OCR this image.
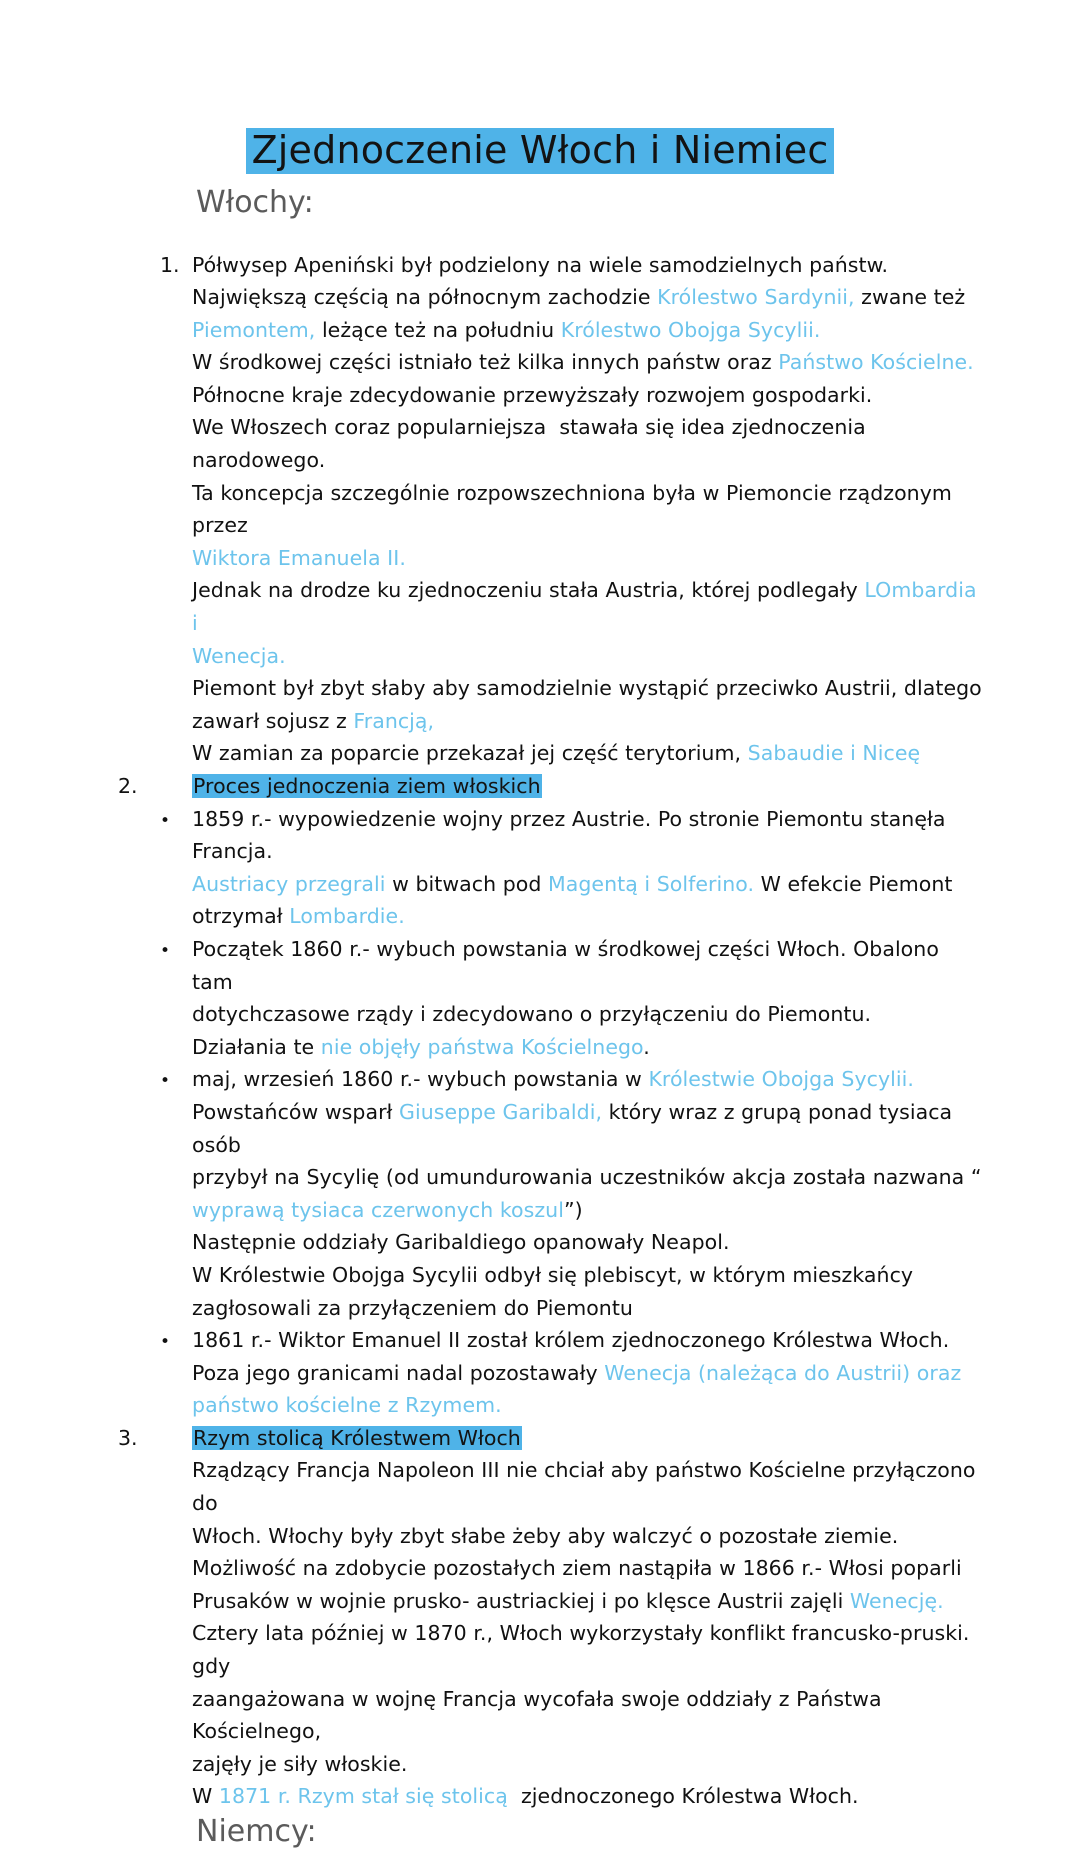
Zjednoczenie Włoch i Niemiec
Włochy:
1. Półwysep Apeniński był podzielony na wiele samodzielnych państw.
Największą częścią na północnym zachodzie Królestwo Sardynii, zwane też
Piemontem, leżące też na południu Królestwo Obojga Sycylii.
W środkowej części istniało też kilka innych państw oraz Państwo Kościelne.
Północne kraje zdecydowanie przewyższały rozwojem gospodarki.
We Włoszech coraz popularniejsza  stawała się idea zjednoczenia narodowego.
Ta koncepcja szczególnie rozpowszechniona była w Piemoncie rządzonym przez
Wiktora Emanuela II.
Jednak na drodze ku zjednoczeniu stała Austria, której podlegały LOmbardia i
Wenecja.
Piemont był zbyt słaby aby samodzielnie wystąpić przeciwko Austrii, dlatego
zawarł sojusz z Francją,
W zamian za poparcie przekazał jej część terytorium, Sabaudie i Niceę
2.	Proces jednoczenia ziem włoskich
•
1859 r.- wypowiedzenie wojny przez Austrie. Po stronie Piemontu stanęła Francja.
Austriacy przegrali w bitwach pod Magentą i Solferino. W efekcie Piemont
otrzymał Lombardie.
•
Początek 1860 r.- wybuch powstania w środkowej części Włoch. Obalono tam
dotychczasowe rządy i zdecydowano o przyłączeniu do Piemontu.
Działania te nie objęły państwa Kościelnego.
•
maj, wrzesień 1860 r.- wybuch powstania w Królestwie Obojga Sycylii.
Powstańców wsparł Giuseppe Garibaldi, który wraz z grupą ponad tysiaca osób
przybył na Sycylię (od umundurowania uczestników akcja została nazwana “
wyprawą tysiaca czerwonych koszul”)
Następnie oddziały Garibaldiego opanowały Neapol.
W Królestwie Obojga Sycylii odbył się plebiscyt, w którym mieszkańcy
zagłosowali za przyłączeniem do Piemontu
•
1861 r.- Wiktor Emanuel II został królem zjednoczonego Królestwa Włoch.
Poza jego granicami nadal pozostawały Wenecja (należąca do Austrii) oraz
państwo kościelne z Rzymem.
3.	Rzym stolicą Królestwem Włoch
Rządzący Francja Napoleon III nie chciał aby państwo Kościelne przyłączono do
Włoch. Włochy były zbyt słabe żeby aby walczyć o pozostałe ziemie.
Możliwość na zdobycie pozostałych ziem nastąpiła w 1866 r.- Włosi poparli
Prusaków w wojnie prusko- austriackiej i po klęsce Austrii zajęli Wenecję.
Cztery lata później w 1870 r., Włoch wykorzystały konflikt francusko-pruski. gdy
zaangażowana w wojnę Francja wycofała swoje oddziały z Państwa Kościelnego,
zajęły je siły włoskie.
W 1871 r. Rzym stał się stolicą  zjednoczonego Królestwa Włoch.
Niemcy:
